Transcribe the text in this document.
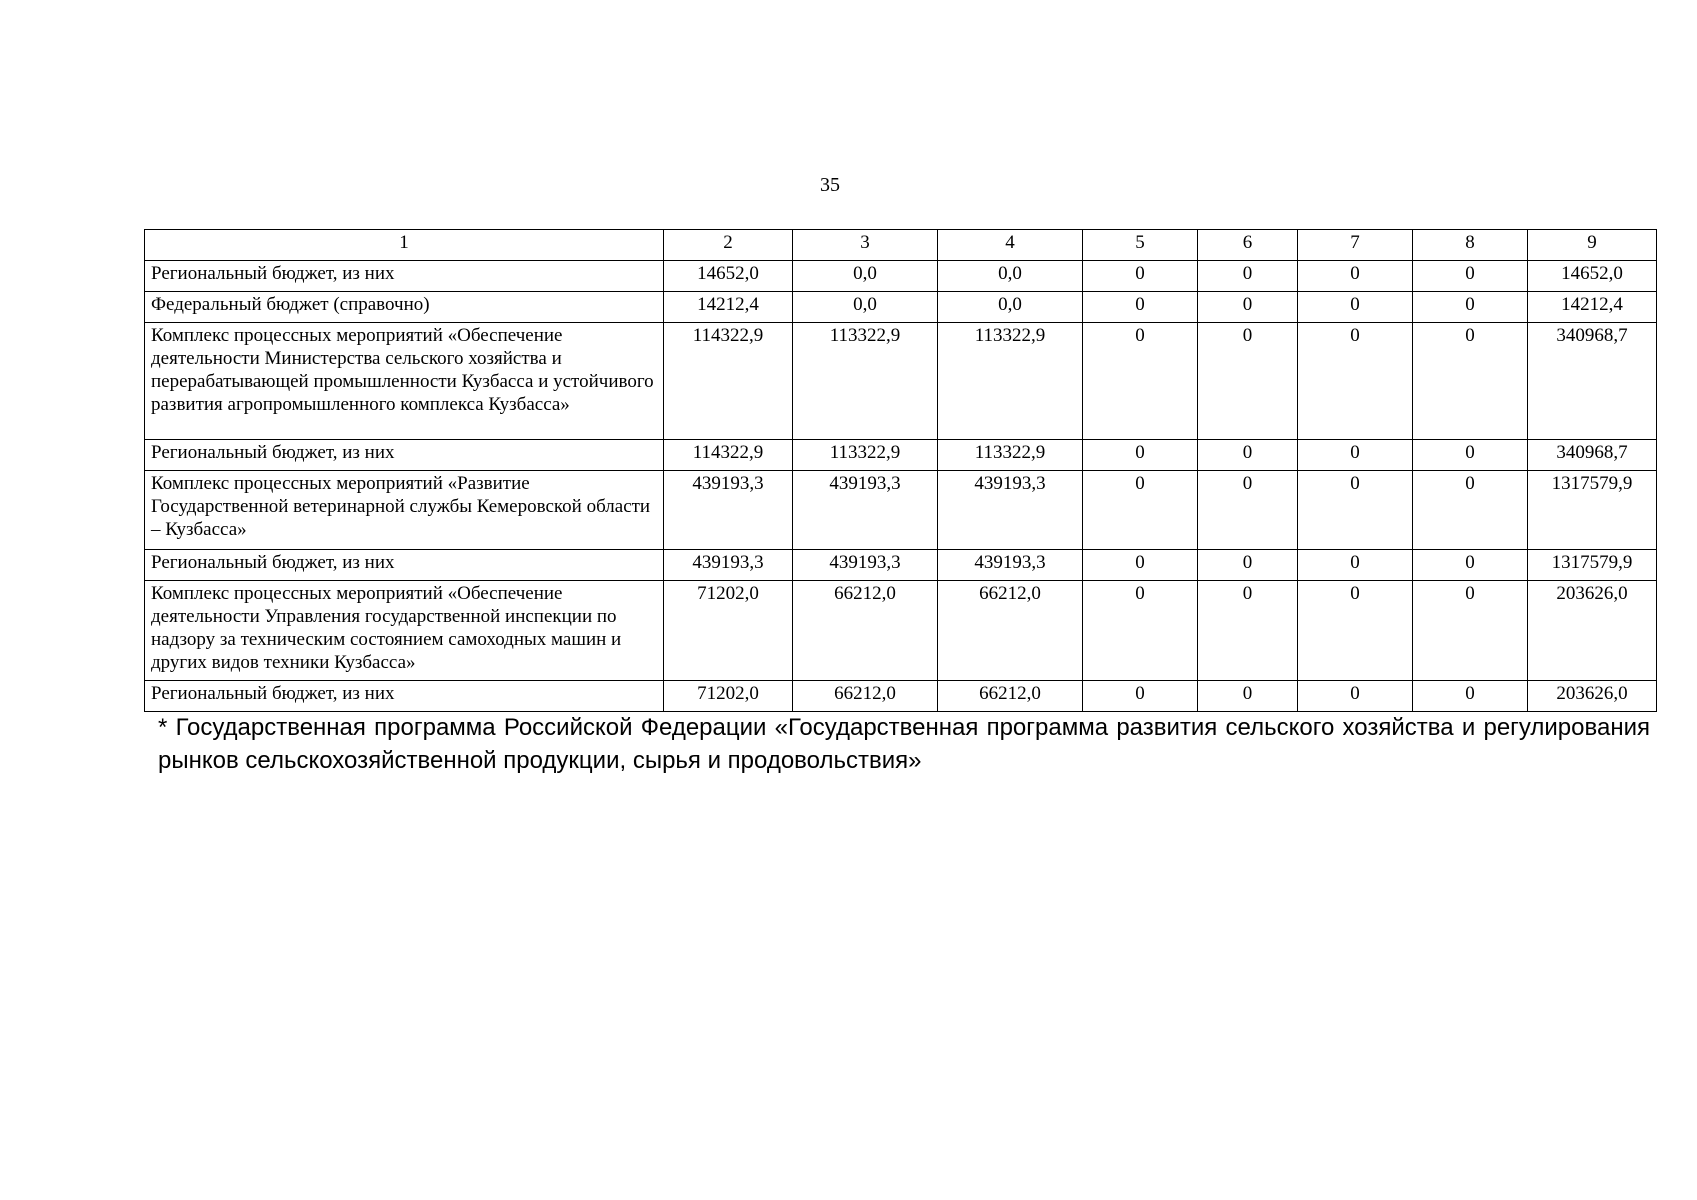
35
1	2	3	4	5	6	7	8	9
Региональный бюджет, из них	14652,0	0,0	0,0	0	0	0	0	14652,0
Федеральный бюджет (справочно)	14212,4	0,0	0,0	0	0	0	0	14212,4
Комплекс процессных мероприятий «Обеспечение деятельности Министерства сельского хозяйства и перерабатывающей промышленности Кузбасса и устойчивого развития агропромышленного комплекса Кузбасса»	114322,9	113322,9	113322,9	0	0	0	0	340968,7
Региональный бюджет, из них	114322,9	113322,9	113322,9	0	0	0	0	340968,7
Комплекс процессных мероприятий «Развитие Государственной ветеринарной службы Кемеровской области – Кузбасса»	439193,3	439193,3	439193,3	0	0	0	0	1317579,9
Региональный бюджет, из них	439193,3	439193,3	439193,3	0	0	0	0	1317579,9
Комплекс процессных мероприятий «Обеспечение деятельности Управления государственной инспекции по надзору за техническим состоянием самоходных машин и других видов техники Кузбасса»	71202,0	66212,0	66212,0	0	0	0	0	203626,0
Региональный бюджет, из них	71202,0	66212,0	66212,0	0	0	0	0	203626,0
* Государственная программа Российской Федерации «Государственная программа развития сельского хозяйства и регулирования рынков сельскохозяйственной продукции, сырья и продовольствия»
